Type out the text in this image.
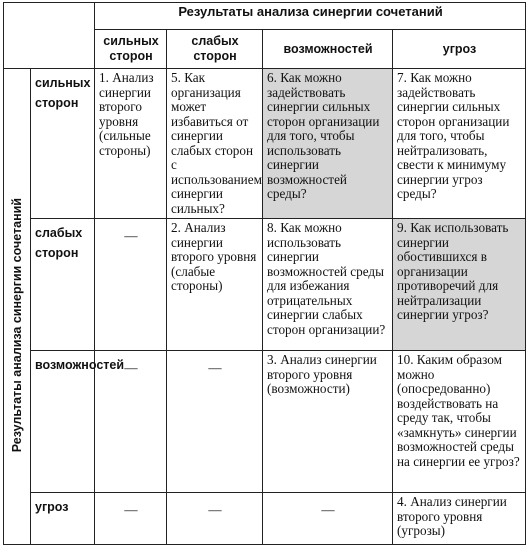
		Результаты анализа синергии сочетаний			
		сильных сторон	слабых сторон	возможностей	угроз
Результаты анализа синергии сочетаний	сильных сторон	1. Анализ синергии второго уровня (сильные стороны)	5. Как организация может избавиться от синергии слабых сторон с использованием синергии сильных?	6. Как можно задействовать синергии сильных сторон организации для того, чтобы использовать синергии возможностей среды?	7. Как можно задействовать синергии сильных сторон организации для того, чтобы нейтрализовать, свести к минимуму синергии угроз среды?
	слабых сторон	—	2. Анализ синергии второго уровня (слабые стороны)	8. Как можно использовать синергии возможностей среды для избежания отрицательных синергии слабых сторон организации?	9. Как использовать синергии обостившихся в организации противоречий для нейтрализации синергии угроз?
	возможностей	—	—	3. Анализ синергии второго уровня (возможности)	10. Каким образом можно (опосредованно) воздействовать на среду так, чтобы «замкнуть» синергии возможностей среды на синергии ее угроз?
	угроз	—	—	—	4. Анализ синергии второго уровня (угрозы)
